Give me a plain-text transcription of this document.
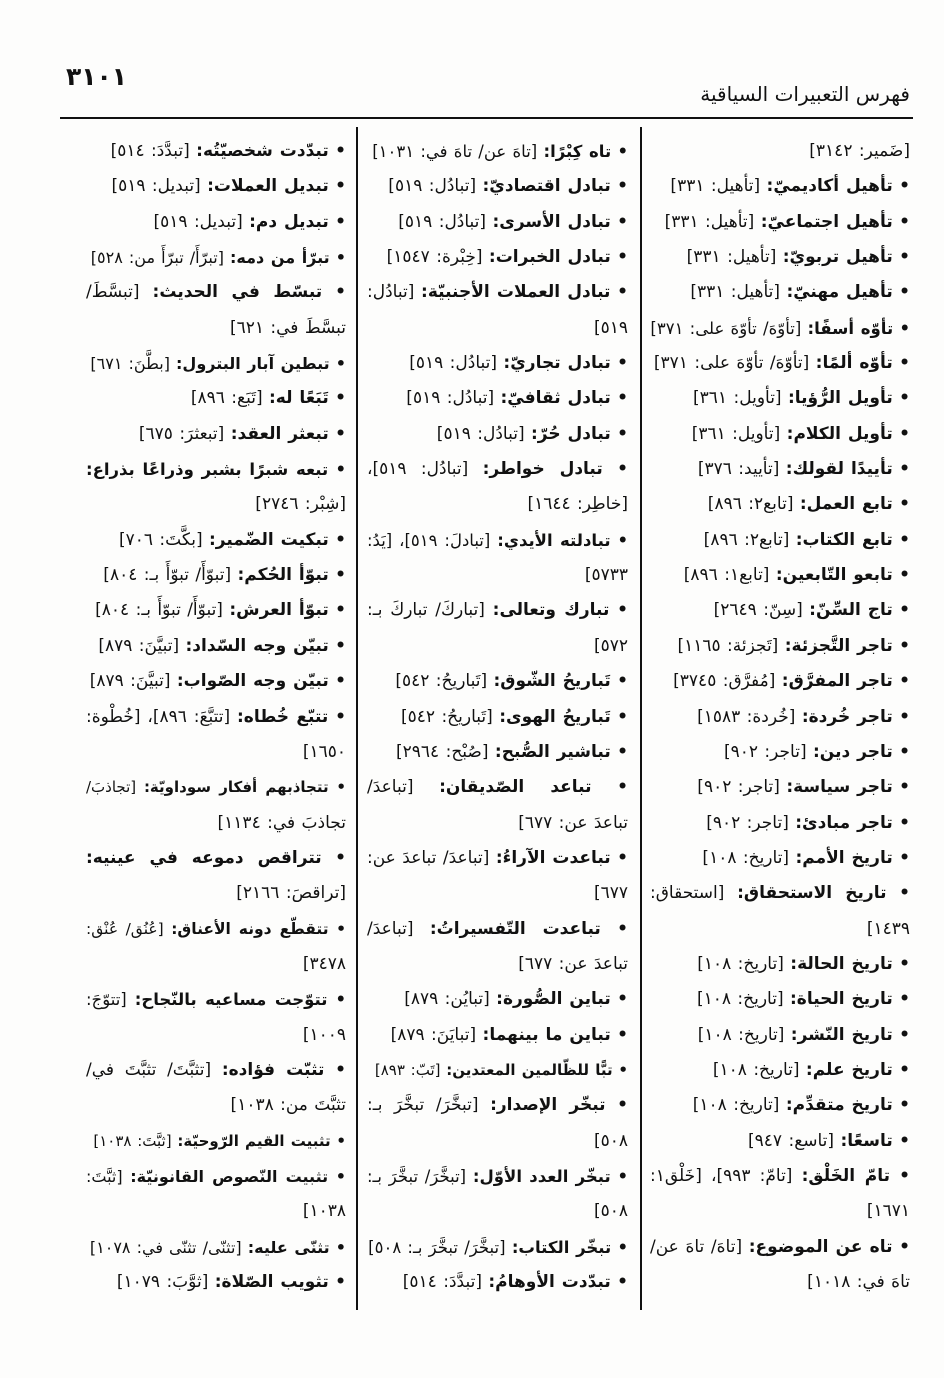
٣١٠١
فهرس التعبيرات السياقية
[ضَمير: ٣١٤٢]
• تأهيل أكاديميّ: [تأهيل: ٣٣١]
• تأهيل اجتماعيّ: [تأهيل: ٣٣١]
• تأهيل تربويّ: [تأهيل: ٣٣١]
• تأهيل مهنيّ: [تأهيل: ٣٣١]
• تأوّه أسفًا: [تأوّهَ/ تأوّهَ على: ٣٧١]
• تأوّه ألمًا: [تأوّهَ/ تأوّهَ على: ٣٧١]
• تأويل الرُّؤيا: [تأويل: ٣٦١]
• تأويل الكلام: [تأويل: ٣٦١]
• تأييدًا لقولك: [تأييد: ٣٧٦]
• تابع العمل: [تابع٢: ٨٩٦]
• تابع الكتاب: [تابع٢: ٨٩٦]
• تابعو التّابعين: [تابع١: ٨٩٦]
• تاج السِّنّ: [سِنّ: ٢٦٤٩]
• تاجر التَّجزئة: [تَجزئة: ١١٦٥]
• تاجر المفرَّق: [مُفرَّق: ٣٧٤٥]
• تاجر خُردة: [خُردة: ١٥٨٣]
• تاجر دين: [تاجر: ٩٠٢]
• تاجر سياسة: [تاجر: ٩٠٢]
• تاجر مبادئ: [تاجر: ٩٠٢]
• تاريخ الأمم: [تاريخ: ١٠٨]
• تاريخ الاستحقاق: [استحقاق:
١٤٣٩]
• تاريخ الحالة: [تاريخ: ١٠٨]
• تاريخ الحياة: [تاريخ: ١٠٨]
• تاريخ النّشر: [تاريخ: ١٠٨]
• تاريخ علم: [تاريخ: ١٠٨]
• تاريخ متقدِّم: [تاريخ: ١٠٨]
• تاسعًا: [تاسع: ٩٤٧]
• تامّ الخَلْق: [تامّ: ٩٩٣]، [خَلْق١:
١٦٧١]
• تاه عن الموضوع: [تاهَ/ تاهَ عن/
تاهَ في: ١٠١٨]
• تاه كِبْرًا: [تاهَ عن/ تاهَ في: ١٠٣١]
• تبادل اقتصاديّ: [تبادُل: ٥١٩]
• تبادل الأسرى: [تبادُل: ٥١٩]
• تبادل الخبرات: [خِبْرة: ١٥٤٧]
• تبادل العملات الأجنبيّة: [تبادُل:
٥١٩]
• تبادل تجاريّ: [تبادُل: ٥١٩]
• تبادل ثقافيّ: [تبادُل: ٥١٩]
• تبادل حُرّ: [تبادُل: ٥١٩]
• تبادل خواطر: [تبادُل: ٥١٩]،
[خاطِر: ١٦٤٤]
• تبادلته الأيدي: [تبادلَ: ٥١٩]، [يَدُ:
٥٧٣٣]
• تبارك وتعالى: [تباركَ/ تباركَ بـ:
٥٧٢]
• تَباريحُ الشّوق: [تَباريحُ: ٥٤٢]
• تَباريحُ الهوى: [تَباريحُ: ٥٤٢]
• تباشير الصُّبح: [صُبْح: ٢٩٦٤]
• تباعد الصّديقان: [تباعدَ/
تباعدَ عن: ٦٧٧]
• تباعدت الآراءُ: [تباعدَ/ تباعدَ عن:
٦٧٧]
• تباعدت التّفسيراتُ: [تباعدَ/
تباعدَ عن: ٦٧٧]
• تباين الصُّورة: [تبايُن: ٨٧٩]
• تباين ما بينهما: [تبايَنَ: ٨٧٩]
• تبًّا للظّالمين المعتدين: [تَبّ: ٨٩٣]
• تبخّر الإصدار: [تبخَّرَ/ تبخَّرَ بـ:
٥٠٨]
• تبخّر العدد الأوّل: [تبخَّرَ/ تبخَّرَ بـ:
٥٠٨]
• تبخّر الكتاب: [تبخَّرَ/ تبخَّرَ بـ: ٥٠٨]
• تبدّدت الأوهامُ: [تبدَّدَ: ٥١٤]
• تبدّدت شخصيّتُه: [تبدَّدَ: ٥١٤]
• تبديل العملات: [تبديل: ٥١٩]
• تبديل دم: [تبديل: ٥١٩]
• تبرّأ من دمه: [تبرّأَ/ تبرّأَ من: ٥٢٨]
• تبسّط في الحديث: [تبسَّطَ/
تبسَّطَ في: ٦٢١]
• تبطين آبار البترول: [بطَّنَ: ٦٧١]
• تَبَعًا له: [تَبَع: ٨٩٦]
• تبعثر العقد: [تبعثرَ: ٦٧٥]
• تبعه شبرًا بشبر وذراعًا بذراع:
[شِبْر: ٢٧٤٦]
• تبكيت الضّمير: [بكَّتَ: ٧٠٦]
• تبوّأ الحُكم: [تبوّأَ/ تبوّأَ بـ: ٨٠٤]
• تبوّأ العرش: [تبوّأَ/ تبوّأَ بـ: ٨٠٤]
• تبيّن وجه السّداد: [تبيَّنَ: ٨٧٩]
• تبيّن وجه الصّواب: [تبيَّنَ: ٨٧٩]
• تتبّع خُطاه: [تتبَّعَ: ٨٩٦]، [خُطْوة:
١٦٥٠]
• تتجاذبهم أفكار سوداويّة: [تجاذبَ/
تجاذبَ في: ١١٣٤]
• تتراقص دموعه في عينيه:
[تراقصَ: ٢١٦٦]
• تتقطّع دونه الأعناق: [عُنُق/ عُنْق:
٣٤٧٨]
• تتوّجت مساعيه بالنّجاح: [تتوّجَ:
١٠٠٩]
• تثبّت فؤاده: [تثبَّتَ/ تثبَّتَ في/
تثبَّتَ من: ١٠٣٨]
• تثبيت القيم الرّوحيّة: [ثبَّتَ: ١٠٣٨]
• تثبيت النّصوص القانونيّة: [ثبَّتَ:
١٠٣٨]
• تثنّى عليه: [تثنّى/ تثنّى في: ١٠٧٨]
• تثويب الصّلاة: [ثوَّبَ: ١٠٧٩]
